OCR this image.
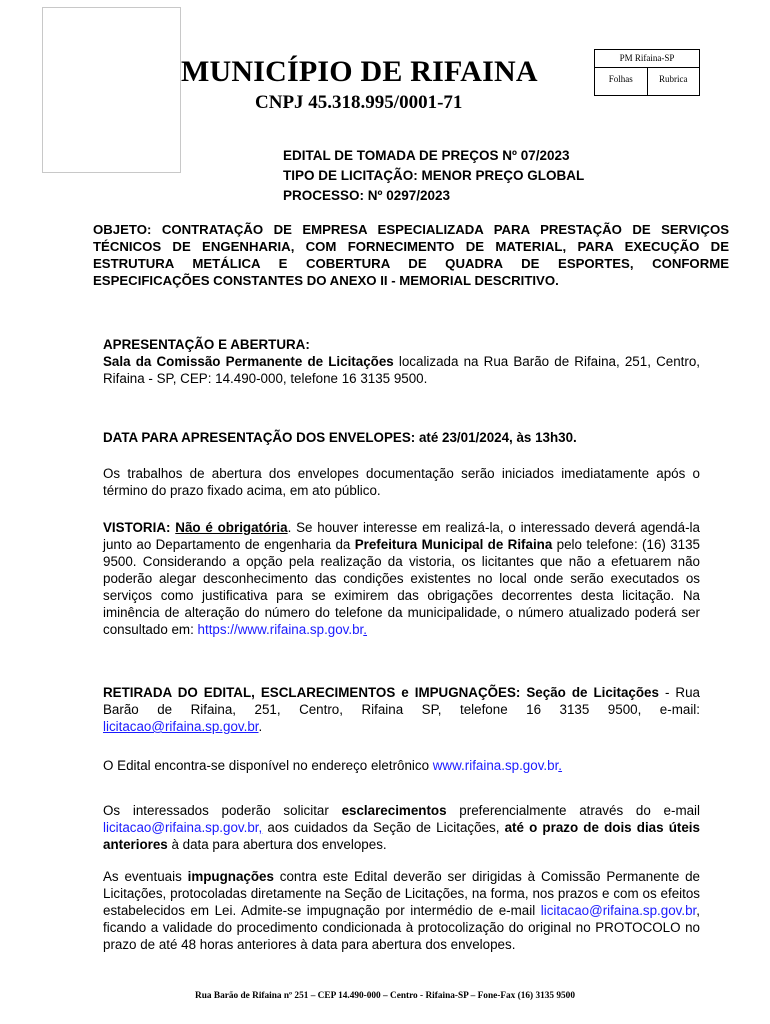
MUNICÍPIO DE RIFAINA
CNPJ 45.318.995/0001-71
PM Rifaina-SP
Folhas	Rubrica
EDITAL DE TOMADA DE PREÇOS Nº 07/2023
TIPO DE LICITAÇÃO: MENOR PREÇO GLOBAL
PROCESSO: Nº 0297/2023
OBJETO: CONTRATAÇÃO DE EMPRESA ESPECIALIZADA PARA PRESTAÇÃO DE SERVIÇOS TÉCNICOS DE ENGENHARIA, COM FORNECIMENTO DE MATERIAL, PARA EXECUÇÃO DE ESTRUTURA METÁLICA E COBERTURA DE QUADRA DE ESPORTES, CONFORME ESPECIFICAÇÕES CONSTANTES DO ANEXO II - MEMORIAL DESCRITIVO.
APRESENTAÇÃO E ABERTURA:
Sala da Comissão Permanente de Licitações localizada na Rua Barão de Rifaina, 251, Centro, Rifaina - SP, CEP: 14.490-000, telefone 16 3135 9500.
DATA PARA APRESENTAÇÃO DOS ENVELOPES: até 23/01/2024, às 13h30.
Os trabalhos de abertura dos envelopes documentação serão iniciados imediatamente após o término do prazo fixado acima, em ato público.
VISTORIA: Não é obrigatória. Se houver interesse em realizá-la, o interessado deverá agendá-la junto ao Departamento de engenharia da Prefeitura Municipal de Rifaina pelo telefone: (16) 3135 9500. Considerando a opção pela realização da vistoria, os licitantes que não a efetuarem não poderão alegar desconhecimento das condições existentes no local onde serão executados os serviços como justificativa para se eximirem das obrigações decorrentes desta licitação. Na iminência de alteração do número do telefone da municipalidade, o número atualizado poderá ser consultado em: https://www.rifaina.sp.gov.br.
RETIRADA DO EDITAL, ESCLARECIMENTOS e IMPUGNAÇÕES: Seção de Licitações - Rua Barão de Rifaina, 251, Centro, Rifaina SP, telefone 16 3135 9500, e-mail: licitacao@rifaina.sp.gov.br.
O Edital encontra-se disponível no endereço eletrônico www.rifaina.sp.gov.br.
Os interessados poderão solicitar esclarecimentos preferencialmente através do e-mail licitacao@rifaina.sp.gov.br, aos cuidados da Seção de Licitações, até o prazo de dois dias úteis anteriores à data para abertura dos envelopes.
As eventuais impugnações contra este Edital deverão ser dirigidas à Comissão Permanente de Licitações, protocoladas diretamente na Seção de Licitações, na forma, nos prazos e com os efeitos estabelecidos em Lei. Admite-se impugnação por intermédio de e-mail licitacao@rifaina.sp.gov.br, ficando a validade do procedimento condicionada à protocolização do original no PROTOCOLO no prazo de até 48 horas anteriores à data para abertura dos envelopes.
Rua Barão de Rifaina nº 251 – CEP 14.490-000 – Centro - Rifaina-SP – Fone-Fax (16) 3135 9500
